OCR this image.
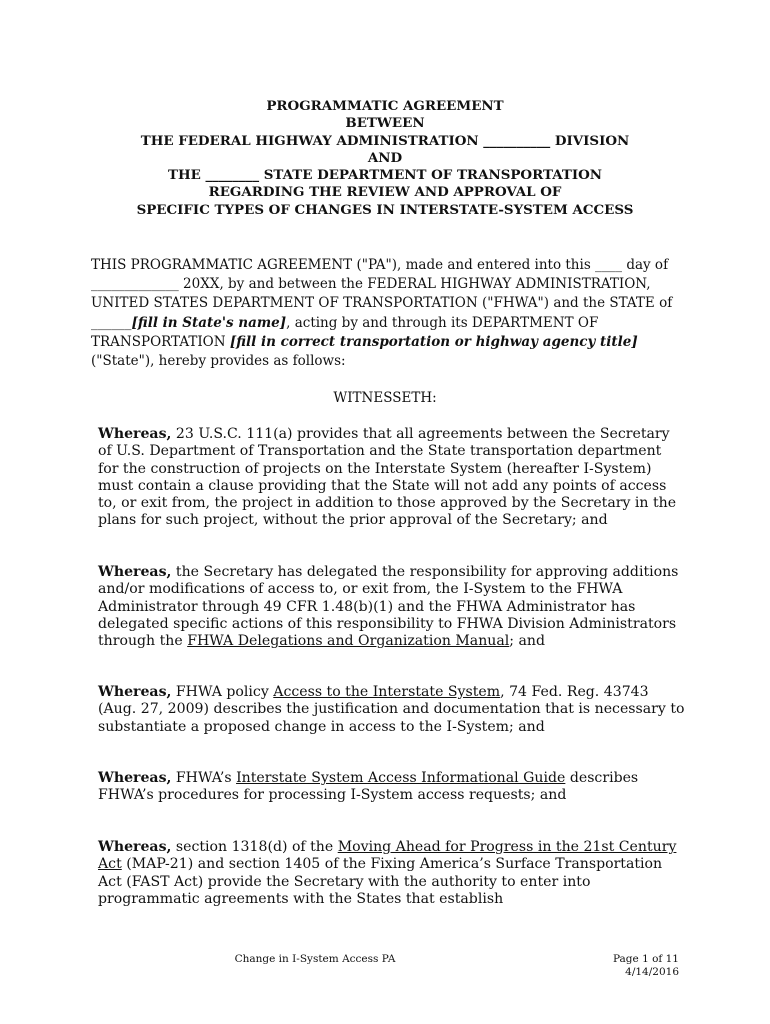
PROGRAMMATIC AGREEMENT
BETWEEN
THE FEDERAL HIGHWAY ADMINISTRATION __________ DIVISION
AND
THE ________ STATE DEPARTMENT OF TRANSPORTATION
REGARDING THE REVIEW AND APPROVAL OF
SPECIFIC TYPES OF CHANGES IN INTERSTATE-SYSTEM ACCESS

THIS PROGRAMMATIC AGREEMENT ("PA"), made and entered into this ____ day of _____________ 20XX, by and between the FEDERAL HIGHWAY ADMINISTRATION, UNITED STATES DEPARTMENT OF TRANSPORTATION ("FHWA") and the STATE of ______[fill in State's name], acting by and through its DEPARTMENT OF TRANSPORTATION [fill in correct transportation or highway agency title] ("State"), hereby provides as follows:

WITNESSETH:

Whereas, 23 U.S.C. 111(a) provides that all agreements between the Secretary of U.S. Department of Transportation and the State transportation department for the construction of projects on the Interstate System (hereafter I-System) must contain a clause providing that the State will not add any points of access to, or exit from, the project in addition to those approved by the Secretary in the plans for such project, without the prior approval of the Secretary; and

Whereas, the Secretary has delegated the responsibility for approving additions and/or modifications of access to, or exit from, the I-System to the FHWA Administrator through 49 CFR 1.48(b)(1) and the FHWA Administrator has delegated specific actions of this responsibility to FHWA Division Administrators through the FHWA Delegations and Organization Manual; and

Whereas, FHWA policy Access to the Interstate System, 74 Fed. Reg. 43743 (Aug. 27, 2009) describes the justification and documentation that is necessary to substantiate a proposed change in access to the I-System; and

Whereas, FHWA’s Interstate System Access Informational Guide describes FHWA’s procedures for processing I-System access requests; and

Whereas, section 1318(d) of the Moving Ahead for Progress in the 21st Century Act (MAP-21) and section 1405 of the Fixing America’s Surface Transportation Act (FAST Act) provide the Secretary with the authority to enter into programmatic agreements with the States that establish

Change in I-System Access PA	Page 1 of 11
4/14/2016
